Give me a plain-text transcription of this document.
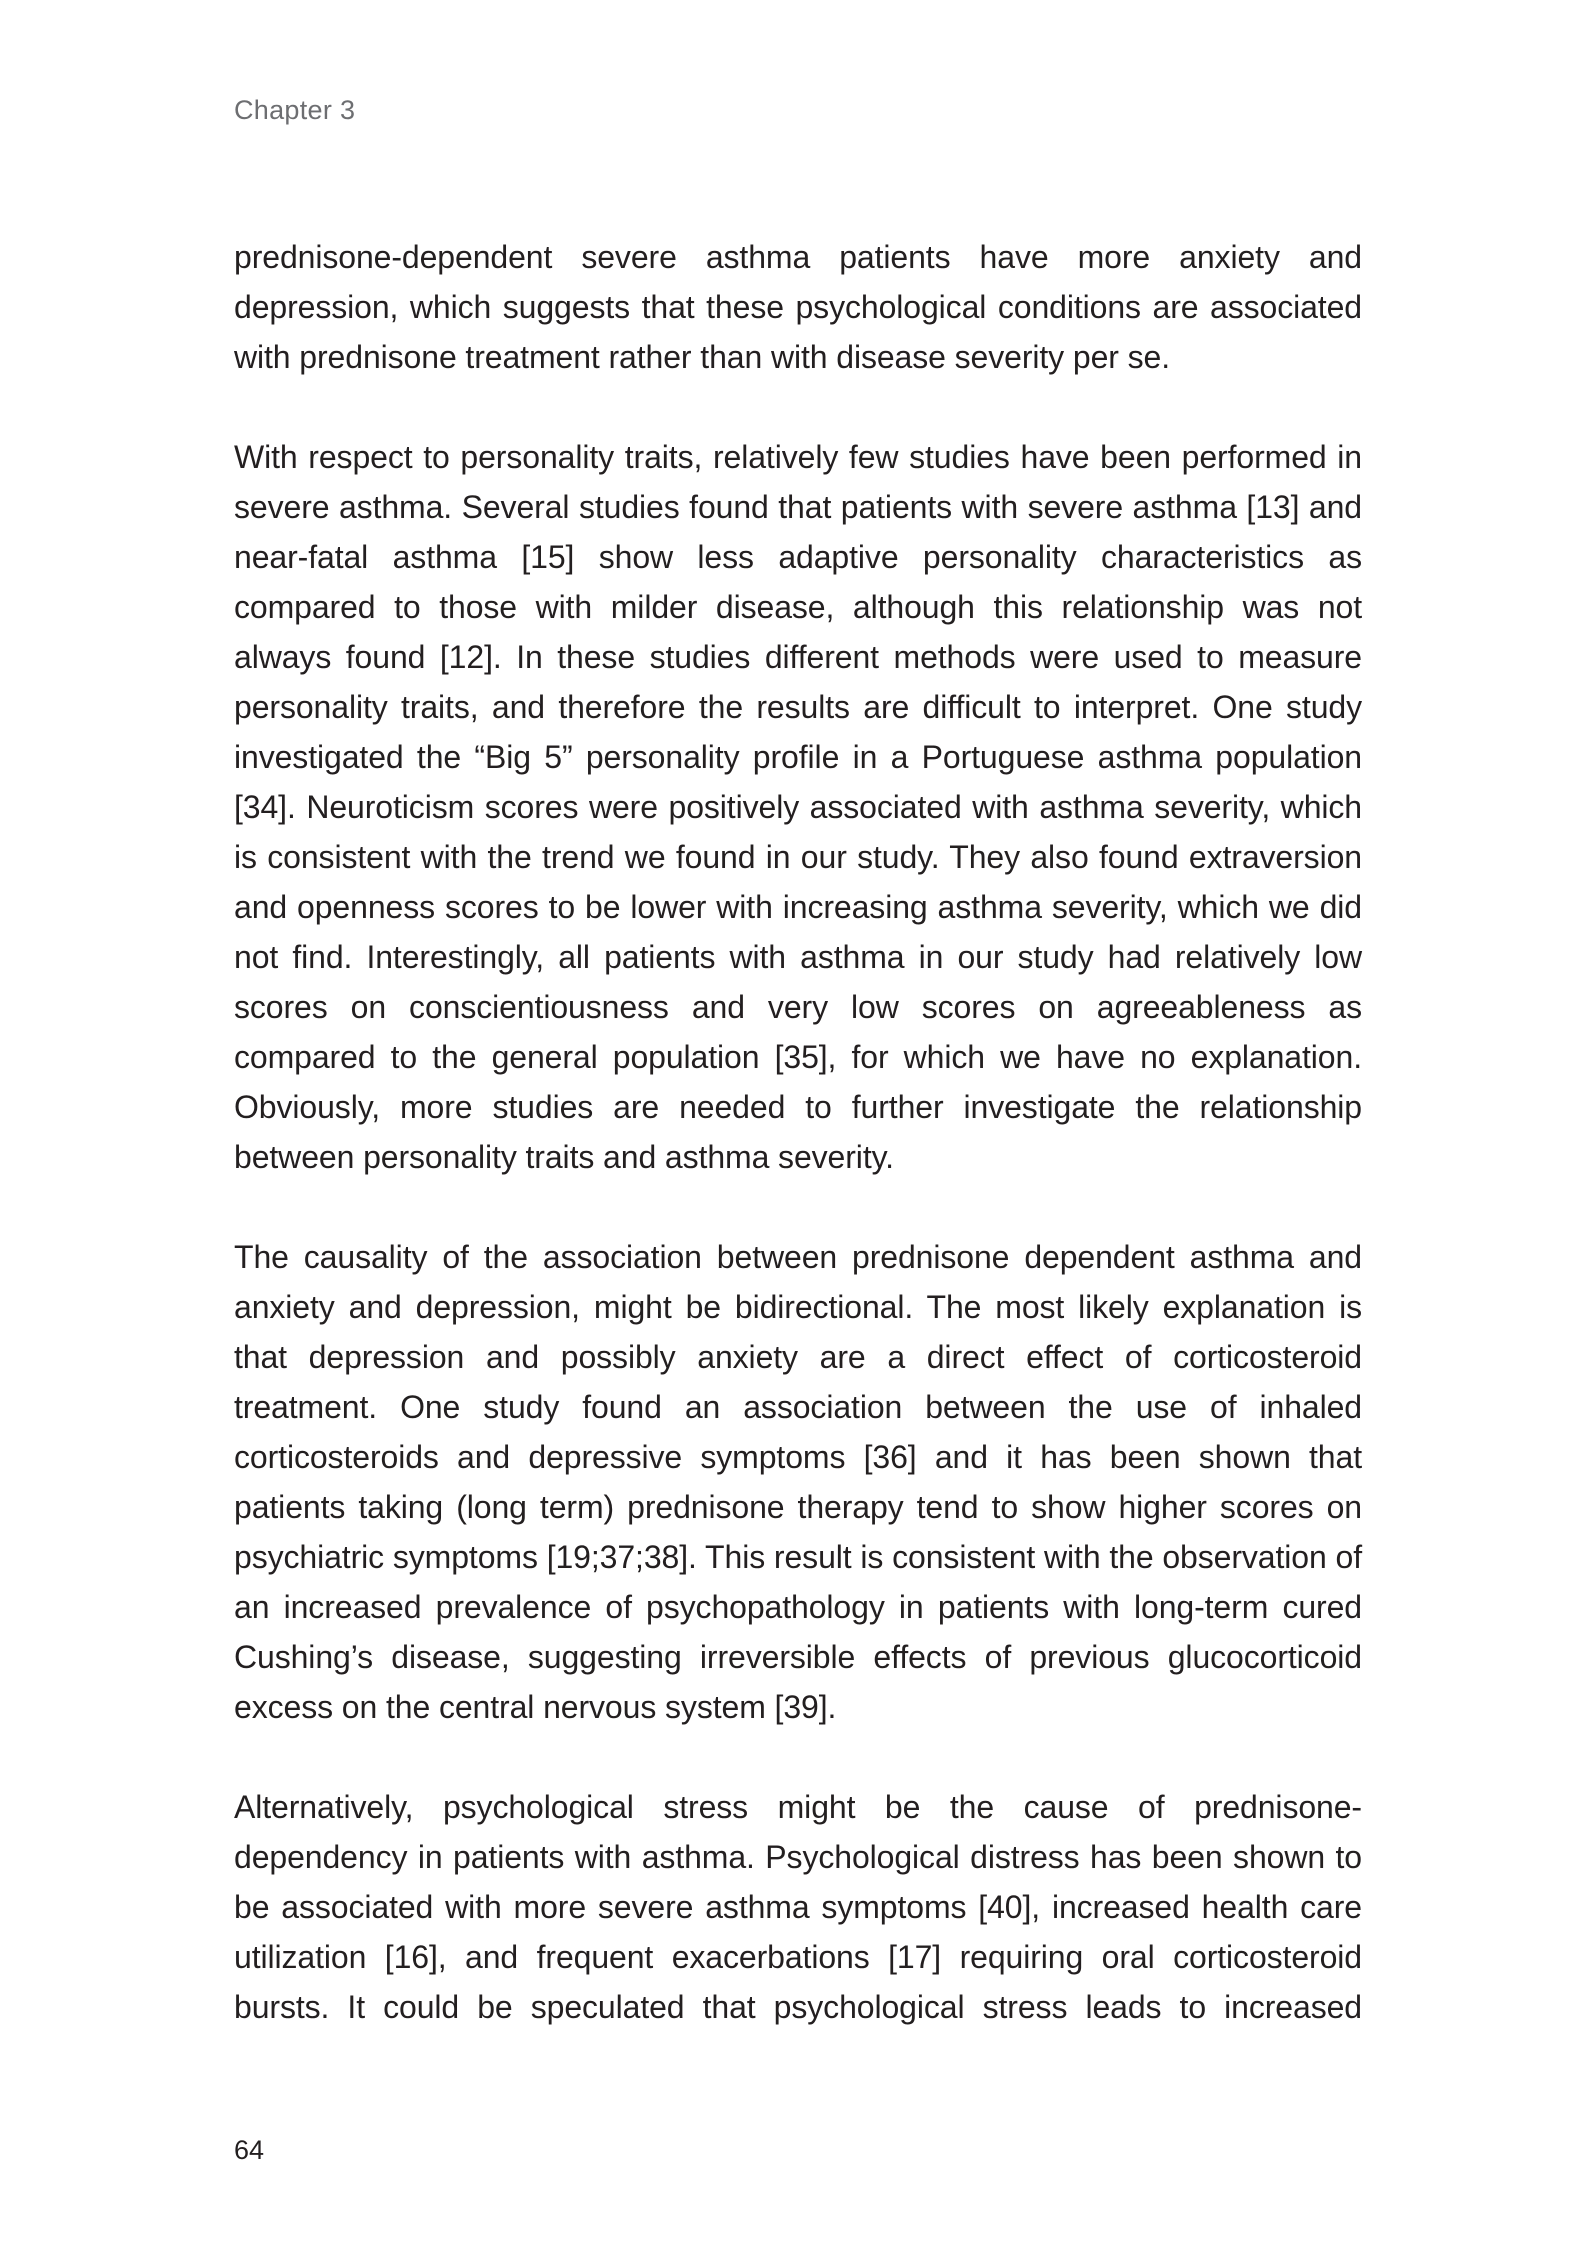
Chapter 3

prednisone-dependent severe asthma patients have more anxiety and depression, which suggests that these psychological conditions are associated with prednisone treatment rather than with disease severity per se.

With respect to personality traits, relatively few studies have been performed in severe asthma. Several studies found that patients with severe asthma [13] and near-fatal asthma [15] show less adaptive personality characteristics as compared to those with milder disease, although this relationship was not always found [12]. In these studies different methods were used to measure personality traits, and therefore the results are difficult to interpret. One study investigated the “Big 5” personality profile in a Portuguese asthma population [34]. Neuroticism scores were positively associated with asthma severity, which is consistent with the trend we found in our study. They also found extraversion and openness scores to be lower with increasing asthma severity, which we did not find. Interestingly, all patients with asthma in our study had relatively low scores on conscientiousness and very low scores on agreeableness as compared to the general population [35], for which we have no explanation. Obviously, more studies are needed to further investigate the relationship between personality traits and asthma severity.

The causality of the association between prednisone dependent asthma and anxiety and depression, might be bidirectional. The most likely explanation is that depression and possibly anxiety are a direct effect of corticosteroid treatment. One study found an association between the use of inhaled corticosteroids and depressive symptoms [36] and it has been shown that patients taking (long term) prednisone therapy tend to show higher scores on psychiatric symptoms [19;37;38]. This result is consistent with the observation of an increased prevalence of psychopathology in patients with long-term cured Cushing’s disease, suggesting irreversible effects of previous glucocorticoid excess on the central nervous system [39].

Alternatively, psychological stress might be the cause of prednisone-dependency in patients with asthma. Psychological distress has been shown to be associated with more severe asthma symptoms [40], increased health care utilization [16], and frequent exacerbations [17] requiring oral corticosteroid bursts. It could be speculated that psychological stress leads to increased

64
